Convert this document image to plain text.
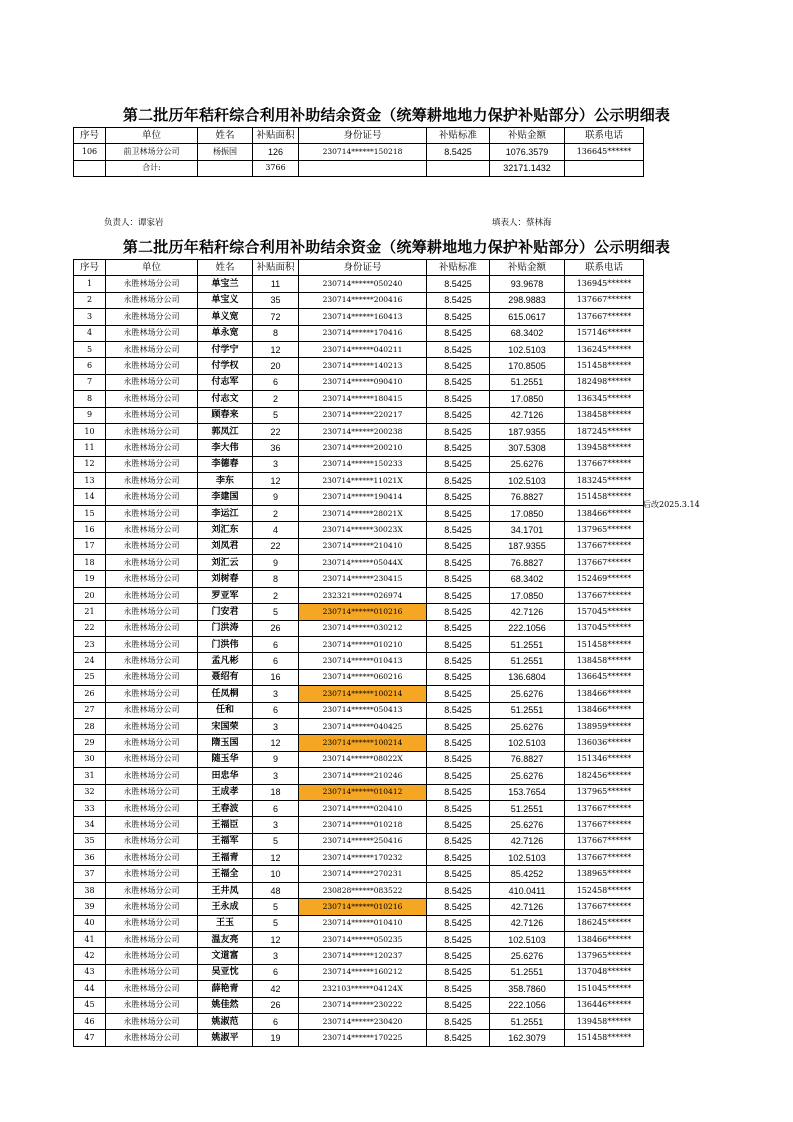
第二批历年秸秆综合利用补助结余资金（统筹耕地地力保护补贴部分）公示明细表
序号	单位	姓名	补贴面积	身份证号	补贴标准	补贴金额	联系电话
106	前卫林场分公司	杨振国	126	230714******150218	8.5425	1076.3579	136645******
	合计:		3766			32171.1432	
负责人：谭家岩	填表人：蔡林海
第二批历年秸秆综合利用补助结余资金（统筹耕地地力保护补贴部分）公示明细表
序号	单位	姓名	补贴面积	身份证号	补贴标准	补贴金额	联系电话
1	永胜林场分公司	单宝兰	11	230714******050240	8.5425	93.9678	136945******
2	永胜林场分公司	单宝义	35	230714******200416	8.5425	298.9883	137667******
3	永胜林场分公司	单义宽	72	230714******160413	8.5425	615.0617	137667******
4	永胜林场分公司	单永宽	8	230714******170416	8.5425	68.3402	157146******
5	永胜林场分公司	付学宁	12	230714******040211	8.5425	102.5103	136245******
6	永胜林场分公司	付学权	20	230714******140213	8.5425	170.8505	151458******
7	永胜林场分公司	付志军	6	230714******090410	8.5425	51.2551	182498******
8	永胜林场分公司	付志文	2	230714******180415	8.5425	17.0850	136345******
9	永胜林场分公司	顾春来	5	230714******220217	8.5425	42.7126	138458******
10	永胜林场分公司	郭凤江	22	230714******200238	8.5425	187.9355	187245******
11	永胜林场分公司	李大伟	36	230714******200210	8.5425	307.5308	139458******
12	永胜林场分公司	李德春	3	230714******150233	8.5425	25.6276	137667******
13	永胜林场分公司	李东	12	230714******11021X	8.5425	102.5103	183245******
14	永胜林场分公司	李建国	9	230714******190414	8.5425	76.8827	151458******
15	永胜林场分公司	李运江	2	230714******28021X	8.5425	17.0850	138466******
16	永胜林场分公司	刘汇东	4	230714******30023X	8.5425	34.1701	137965******
17	永胜林场分公司	刘凤君	22	230714******210410	8.5425	187.9355	137667******
18	永胜林场分公司	刘汇云	9	230714******05044X	8.5425	76.8827	137667******
19	永胜林场分公司	刘树春	8	230714******230415	8.5425	68.3402	152469******
20	永胜林场分公司	罗亚军	2	232321******026974	8.5425	17.0850	137667******
21	永胜林场分公司	门安君	5	230714******010216	8.5425	42.7126	157045******
22	永胜林场分公司	门洪涛	26	230714******030212	8.5425	222.1056	137045******
23	永胜林场分公司	门洪伟	6	230714******010210	8.5425	51.2551	151458******
24	永胜林场分公司	孟凡彬	6	230714******010413	8.5425	51.2551	138458******
25	永胜林场分公司	聂绍有	16	230714******060216	8.5425	136.6804	136645******
26	永胜林场分公司	任凤桐	3	230714******100214	8.5425	25.6276	138466******
27	永胜林场分公司	任和	6	230714******050413	8.5425	51.2551	138466******
28	永胜林场分公司	宋国荣	3	230714******040425	8.5425	25.6276	138959******
29	永胜林场分公司	隋玉国	12	230714******100214	8.5425	102.5103	136036******
30	永胜林场分公司	随玉华	9	230714******08022X	8.5425	76.8827	151346******
31	永胜林场分公司	田忠华	3	230714******210246	8.5425	25.6276	182456******
32	永胜林场分公司	王成孝	18	230714******010412	8.5425	153.7654	137965******
33	永胜林场分公司	王春波	6	230714******020410	8.5425	51.2551	137667******
34	永胜林场分公司	王福臣	3	230714******010218	8.5425	25.6276	137667******
35	永胜林场分公司	王福军	5	230714******250416	8.5425	42.7126	137667******
36	永胜林场分公司	王福青	12	230714******170232	8.5425	102.5103	137667******
37	永胜林场分公司	王福全	10	230714******270231	8.5425	85.4252	138965******
38	永胜林场分公司	王井凤	48	230828******083522	8.5425	410.0411	152458******
39	永胜林场分公司	王永成	5	230714******010216	8.5425	42.7126	137667******
40	永胜林场分公司	王玉	5	230714******010410	8.5425	42.7126	186245******
41	永胜林场分公司	温友亮	12	230714******050235	8.5425	102.5103	138466******
42	永胜林场分公司	文道富	3	230714******120237	8.5425	25.6276	137965******
43	永胜林场分公司	吴亚忱	6	230714******160212	8.5425	51.2551	137048******
44	永胜林场分公司	薛艳青	42	232103******04124X	8.5425	358.7860	151045******
45	永胜林场分公司	姚佳然	26	230714******230222	8.5425	222.1056	136446******
46	永胜林场分公司	姚淑范	6	230714******230420	8.5425	51.2551	139458******
47	永胜林场分公司	姚淑平	19	230714******170225	8.5425	162.3079	151458******
后改2025.3.14
